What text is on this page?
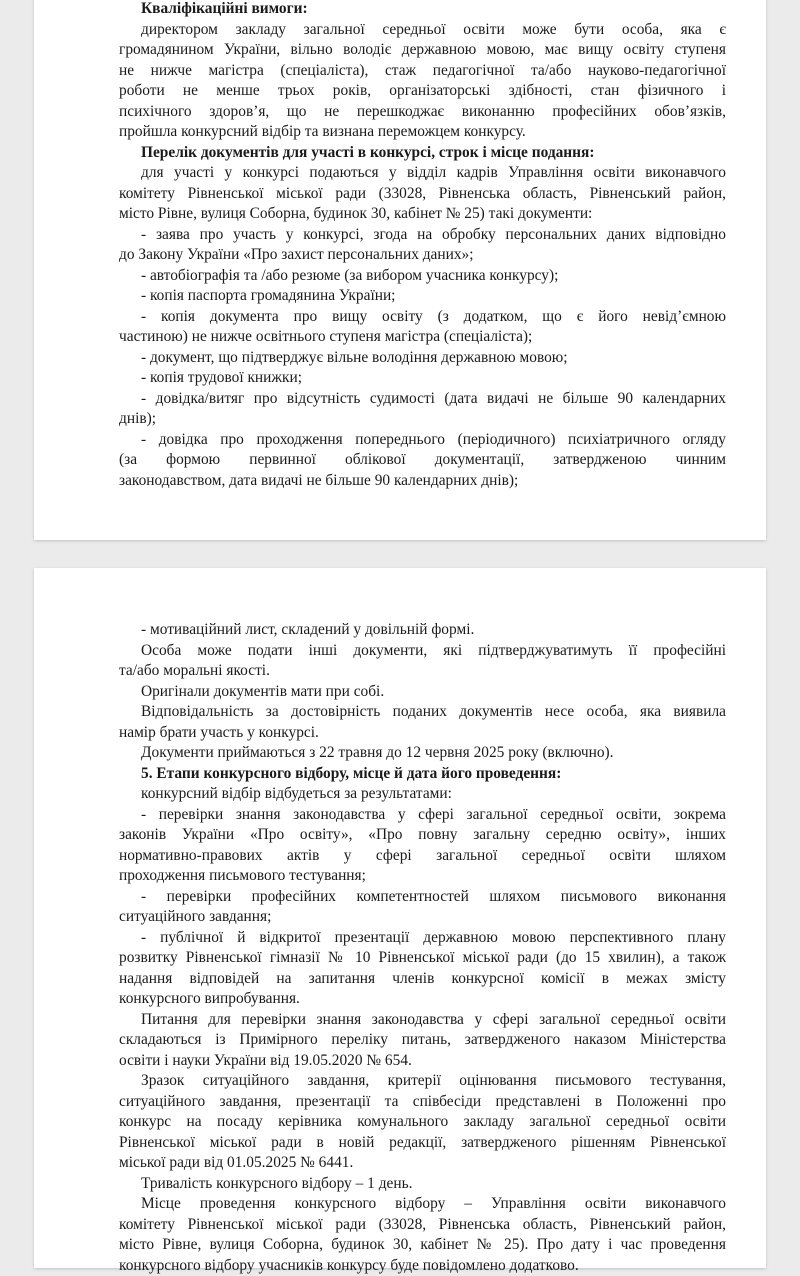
Кваліфікаційні вимоги:
директором закладу загальної середньої освіти може бути особа, яка є
громадянином України, вільно володіє державною мовою, має вищу освіту ступеня
не нижче магістра (спеціаліста), стаж педагогічної та/або науково-педагогічної
роботи не менше трьох років, організаторські здібності, стан фізичного і
психічного здоров’я, що не перешкоджає виконанню професійних обов’язків,
пройшла конкурсний відбір та визнана переможцем конкурсу.
Перелік документів для участі в конкурсі, строк і місце подання:
для участі у конкурсі подаються у відділ кадрів Управління освіти виконавчого
комітету Рівненської міської ради (33028, Рівненська область, Рівненський район,
місто Рівне, вулиця Соборна, будинок 30, кабінет № 25) такі документи:
- заява про участь у конкурсі, згода на обробку персональних даних відповідно
до Закону України «Про захист персональних даних»;
- автобіографія та /або резюме (за вибором учасника конкурсу);
- копія паспорта громадянина України;
- копія документа про вищу освіту (з додатком, що є його невід’ємною
частиною) не нижче освітнього ступеня магістра (спеціаліста);
- документ, що підтверджує вільне володіння державною мовою;
- копія трудової книжки;
- довідка/витяг про відсутність судимості (дата видачі не більше 90 календарних
днів);
- довідка про проходження попереднього (періодичного) психіатричного огляду
(за формою первинної облікової документації, затвердженою чинним
законодавством, дата видачі не більше 90 календарних днів);
- мотиваційний лист, складений у довільній формі.
Особа може подати інші документи, які підтверджуватимуть її професійні
та/або моральні якості.
Оригінали документів мати при собі.
Відповідальність за достовірність поданих документів несе особа, яка виявила
намір брати участь у конкурсі.
Документи приймаються з 22 травня до 12 червня 2025 року (включно).
5. Етапи конкурсного відбору, місце й дата його проведення:
конкурсний відбір відбудеться за результатами:
- перевірки знання законодавства у сфері загальної середньої освіти, зокрема
законів України «Про освіту», «Про повну загальну середню освіту», інших
нормативно-правових актів у сфері загальної середньої освіти шляхом
проходження письмового тестування;
- перевірки професійних компетентностей шляхом письмового виконання
ситуаційного завдання;
- публічної й відкритої презентації державною мовою перспективного плану
розвитку Рівненської гімназії № 10 Рівненської міської ради (до 15 хвилин), а також
надання відповідей на запитання членів конкурсної комісії в межах змісту
конкурсного випробування.
Питання для перевірки знання законодавства у сфері загальної середньої освіти
складаються із Примірного переліку питань, затвердженого наказом Міністерства
освіти і науки України від 19.05.2020 № 654.
Зразок ситуаційного завдання, критерії оцінювання письмового тестування,
ситуаційного завдання, презентації та співбесіди представлені в Положенні про
конкурс на посаду керівника комунального закладу загальної середньої освіти
Рівненської міської ради в новій редакції, затвердженого рішенням Рівненської
міської ради від 01.05.2025 № 6441.
Тривалість конкурсного відбору – 1 день.
Місце проведення конкурсного відбору – Управління освіти виконавчого
комітету Рівненської міської ради (33028, Рівненська область, Рівненський район,
місто Рівне, вулиця Соборна, будинок 30, кабінет № 25). Про дату і час проведення
конкурсного відбору учасників конкурсу буде повідомлено додатково.
